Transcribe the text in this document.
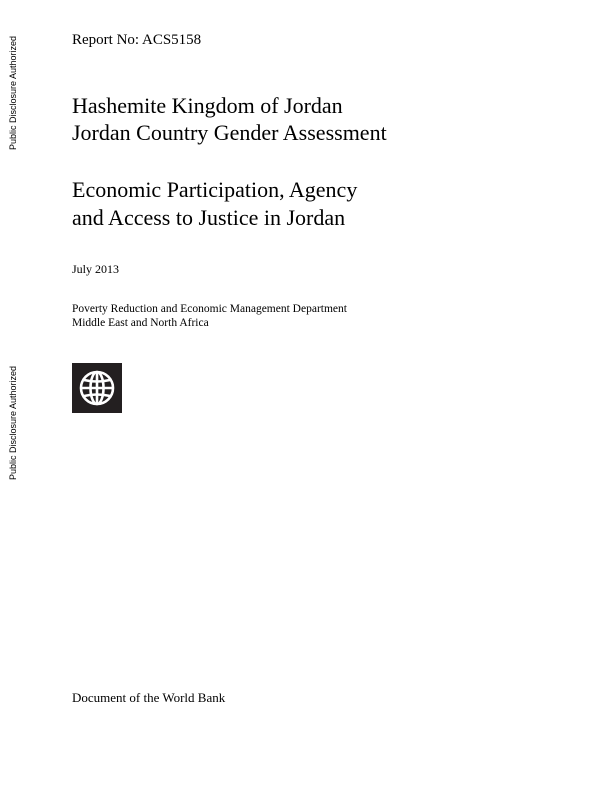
Public Disclosure Authorized
Public Disclosure Authorized
Report No: ACS5158
Hashemite Kingdom of Jordan
Jordan Country Gender Assessment
Economic Participation, Agency
and Access to Justice in Jordan
July 2013
Poverty Reduction and Economic Management Department
Middle East and North Africa
Document of the World Bank
